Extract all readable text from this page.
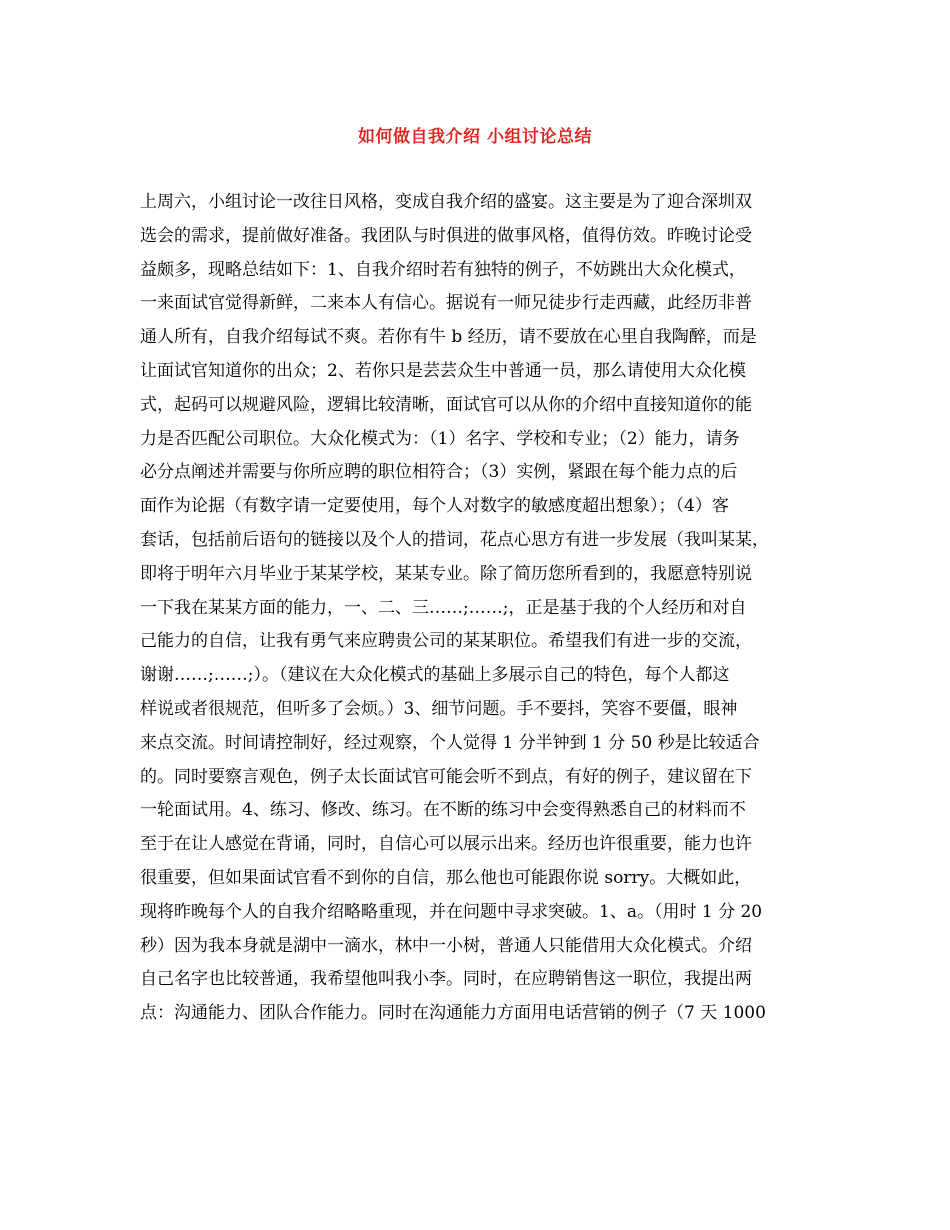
如何做自我介绍 小组讨论总结
上周六，小组讨论一改往日风格，变成自我介绍的盛宴。这主要是为了迎合深圳双
选会的需求，提前做好准备。我团队与时俱进的做事风格，值得仿效。昨晚讨论受
益颇多，现略总结如下：1、自我介绍时若有独特的例子，不妨跳出大众化模式，
一来面试官觉得新鲜，二来本人有信心。据说有一师兄徒步行走西藏，此经历非普
通人所有，自我介绍每试不爽。若你有牛 b 经历，请不要放在心里自我陶醉，而是
让面试官知道你的出众；2、若你只是芸芸众生中普通一员，那么请使用大众化模
式，起码可以规避风险，逻辑比较清晰，面试官可以从你的介绍中直接知道你的能
力是否匹配公司职位。大众化模式为：（1）名字、学校和专业；（2）能力，请务
必分点阐述并需要与你所应聘的职位相符合；（3）实例，紧跟在每个能力点的后
面作为论据（有数字请一定要使用，每个人对数字的敏感度超出想象）；（4）客
套话，包括前后语句的链接以及个人的措词，花点心思方有进一步发展（我叫某某，
即将于明年六月毕业于某某学校，某某专业。除了简历您所看到的，我愿意特别说
一下我在某某方面的能力，一、二、三……;……;，正是基于我的个人经历和对自
己能力的自信，让我有勇气来应聘贵公司的某某职位。希望我们有进一步的交流，
谢谢……;……;）。（建议在大众化模式的基础上多展示自己的特色，每个人都这
样说或者很规范，但听多了会烦。）3、细节问题。手不要抖，笑容不要僵，眼神
来点交流。时间请控制好，经过观察，个人觉得 1 分半钟到 1 分 50 秒是比较适合
的。同时要察言观色，例子太长面试官可能会听不到点，有好的例子，建议留在下
一轮面试用。4、练习、修改、练习。在不断的练习中会变得熟悉自己的材料而不
至于在让人感觉在背诵，同时，自信心可以展示出来。经历也许很重要，能力也许
很重要，但如果面试官看不到你的自信，那么他也可能跟你说 sorry。大概如此，
现将昨晚每个人的自我介绍略略重现，并在问题中寻求突破。1、a。（用时 1 分 20
秒）因为我本身就是湖中一滴水，林中一小树，普通人只能借用大众化模式。介绍
自己名字也比较普通，我希望他叫我小李。同时，在应聘销售这一职位，我提出两
点：沟通能力、团队合作能力。同时在沟通能力方面用电话营销的例子（7 天 1000
